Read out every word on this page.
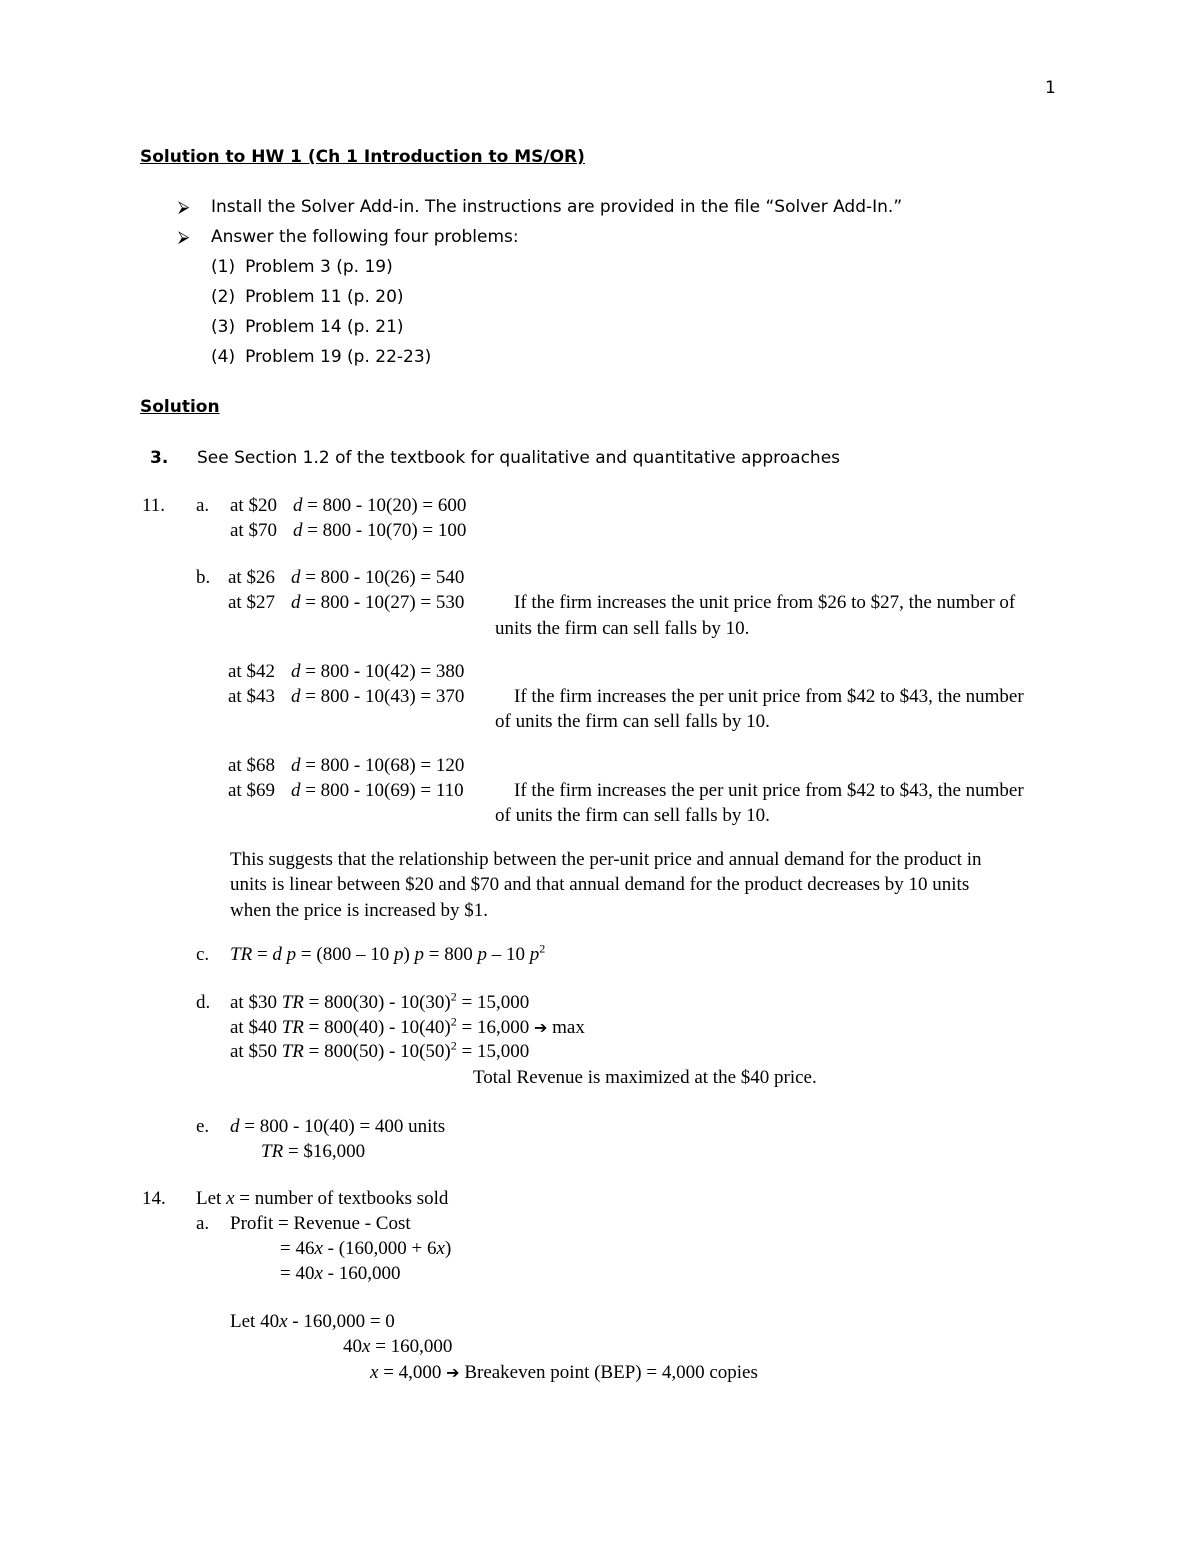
1
Solution to HW 1 (Ch 1 Introduction to MS/OR)
⮚ Install the Solver Add-in. The instructions are provided in the file “Solver Add-In.”
⮚ Answer the following four problems:
(1) Problem 3 (p. 19)
(2) Problem 11 (p. 20)
(3) Problem 14 (p. 21)
(4) Problem 19 (p. 22-23)
Solution
3. See Section 1.2 of the textbook for qualitative and quantitative approaches
11. a. at $20 d = 800 - 10(20) = 600
at $70 d = 800 - 10(70) = 100
b. at $26 d = 800 - 10(26) = 540
at $27 d = 800 - 10(27) = 530	If the firm increases the unit price from $26 to $27, the number of
units the firm can sell falls by 10.
at $42 d = 800 - 10(42) = 380
at $43 d = 800 - 10(43) = 370	If the firm increases the per unit price from $42 to $43, the number
of units the firm can sell falls by 10.
at $68 d = 800 - 10(68) = 120
at $69 d = 800 - 10(69) = 110	If the firm increases the per unit price from $42 to $43, the number
of units the firm can sell falls by 10.
This suggests that the relationship between the per-unit price and annual demand for the product in
units is linear between $20 and $70 and that annual demand for the product decreases by 10 units
when the price is increased by $1.
c. TR = d p = (800 – 10 p) p = 800 p – 10 $p^2$
d. at $30 TR = $800(30) - 10(30)^2 = 15,000$
at $40 TR = $800(40) - 10(40)^2 = 16,000$ ➔ max
at $50 TR = $800(50) - 10(50)^2 = 15,000$
Total Revenue is maximized at the $40 price.
e. d = 800 - 10(40) = 400 units
TR = $16,000
14. Let x = number of textbooks sold
a. Profit = Revenue - Cost
= 46x - (160,000 + 6x)
= 40x - 160,000
Let 40x - 160,000 = 0
40x = 160,000
x = 4,000 ➔ Breakeven point (BEP) = 4,000 copies
